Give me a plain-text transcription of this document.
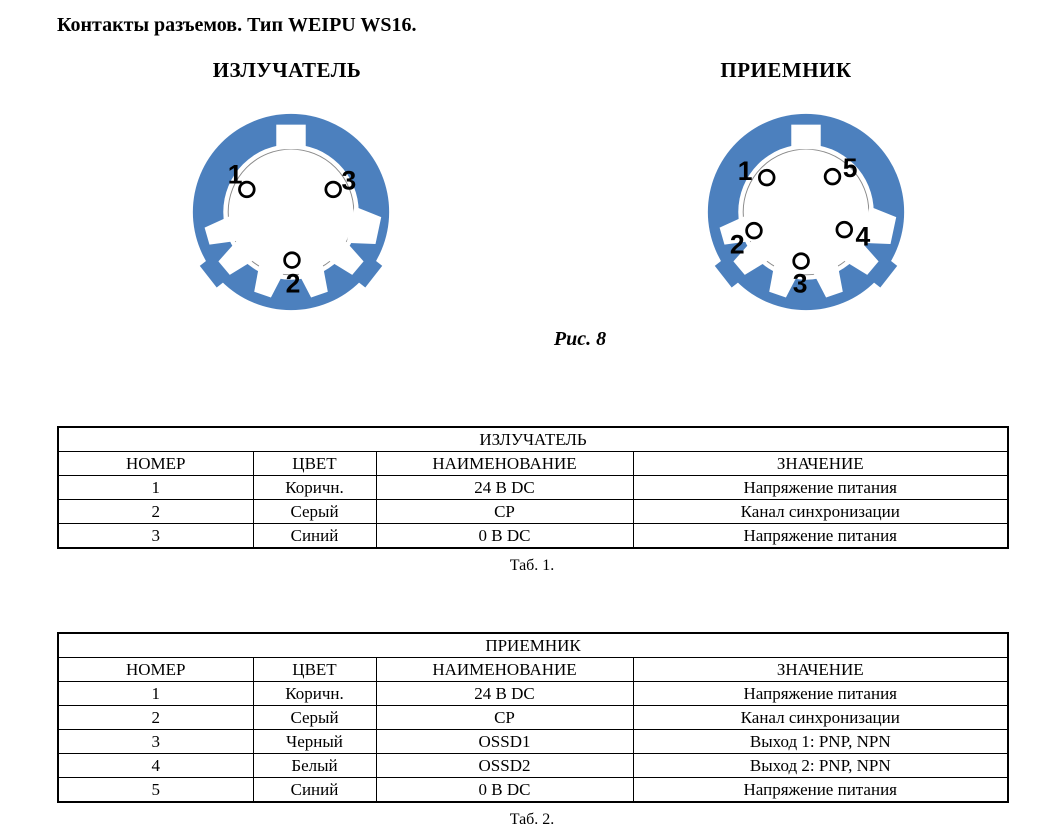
Контакты разъемов. Тип WEIPU WS16.
ИЗЛУЧАТЕЛЬ	ПРИЕМНИК
1	3
2
1	5
2	4
3
Рис. 8
ИЗЛУЧАТЕЛЬ			
НОМЕР	ЦВЕТ	НАИМЕНОВАНИЕ	ЗНАЧЕНИЕ
1	Коричн.	24 В DC	Напряжение питания
2	Серый	СР	Канал синхронизации
3	Синий	0 В DC	Напряжение питания
Таб. 1.
ПРИЕМНИК			
НОМЕР	ЦВЕТ	НАИМЕНОВАНИЕ	ЗНАЧЕНИЕ
1	Коричн.	24 В DC	Напряжение питания
2	Серый	СР	Канал синхронизации
3	Черный	OSSD1	Выход 1: PNP, NPN
4	Белый	OSSD2	Выход 2: PNP, NPN
5	Синий	0 В DC	Напряжение питания
Таб. 2.
